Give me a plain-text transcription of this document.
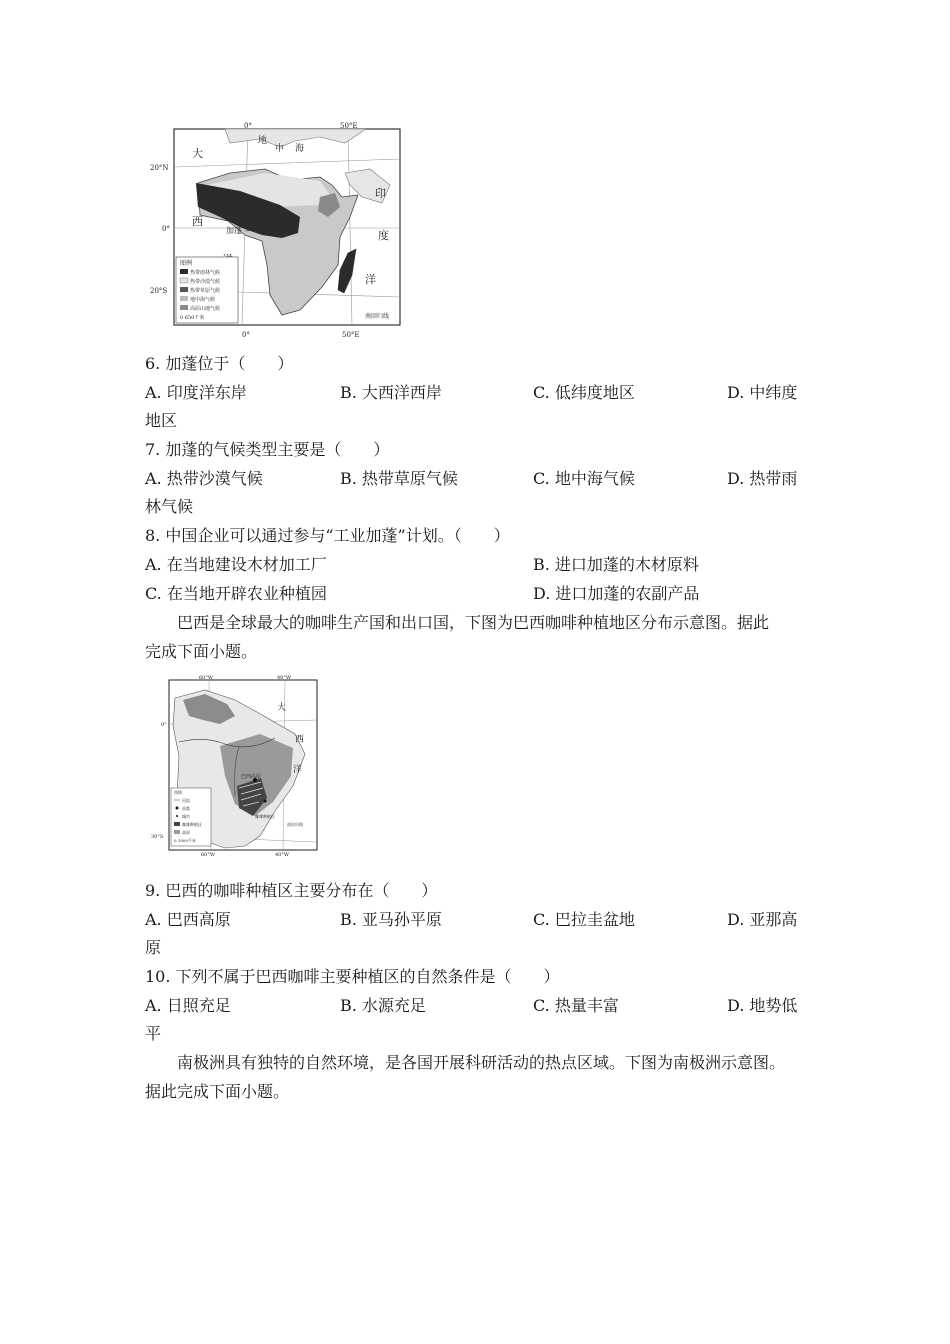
0°	50°E
0°	50°E
20°N
0°
20°S
地
中 海
大
西
印
度
洋
加蓬
南回归线
图例
热带雨林气候
热带沙漠气候
热带草原气候
地中海气候
高原山地气候
0 650千米
6. 加蓬位于（　　）
A. 印度洋东岸	B. 大西洋西岸	C. 低纬度地区	D. 中纬度
地区
7. 加蓬的气候类型主要是（　　）
A. 热带沙漠气候	B. 热带草原气候	C. 地中海气候	D. 热带雨
林气候
8. 中国企业可以通过参与“工业加蓬”计划。（　　）
A. 在当地建设木材加工厂	B. 进口加蓬的木材原料
C. 在当地开辟农业种植园	D. 进口加蓬的农副产品
巴西是全球最大的咖啡生产国和出口国，下图为巴西咖啡种植地区分布示意图。据此
完成下面小题。
60°W	40°W
60°W	40°W
0°
30°S
大
西
洋
巴西高原
咖啡种植区
南回归线
图例
河流
首都
城市
咖啡种植区
高原
0 1000千米
9. 巴西的咖啡种植区主要分布在（　　）
A. 巴西高原	B. 亚马孙平原	C. 巴拉圭盆地	D. 亚那高
原
10. 下列不属于巴西咖啡主要种植区的自然条件是（　　）
A. 日照充足	B. 水源充足	C. 热量丰富	D. 地势低
平
南极洲具有独特的自然环境，是各国开展科研活动的热点区域。下图为南极洲示意图。
据此完成下面小题。
